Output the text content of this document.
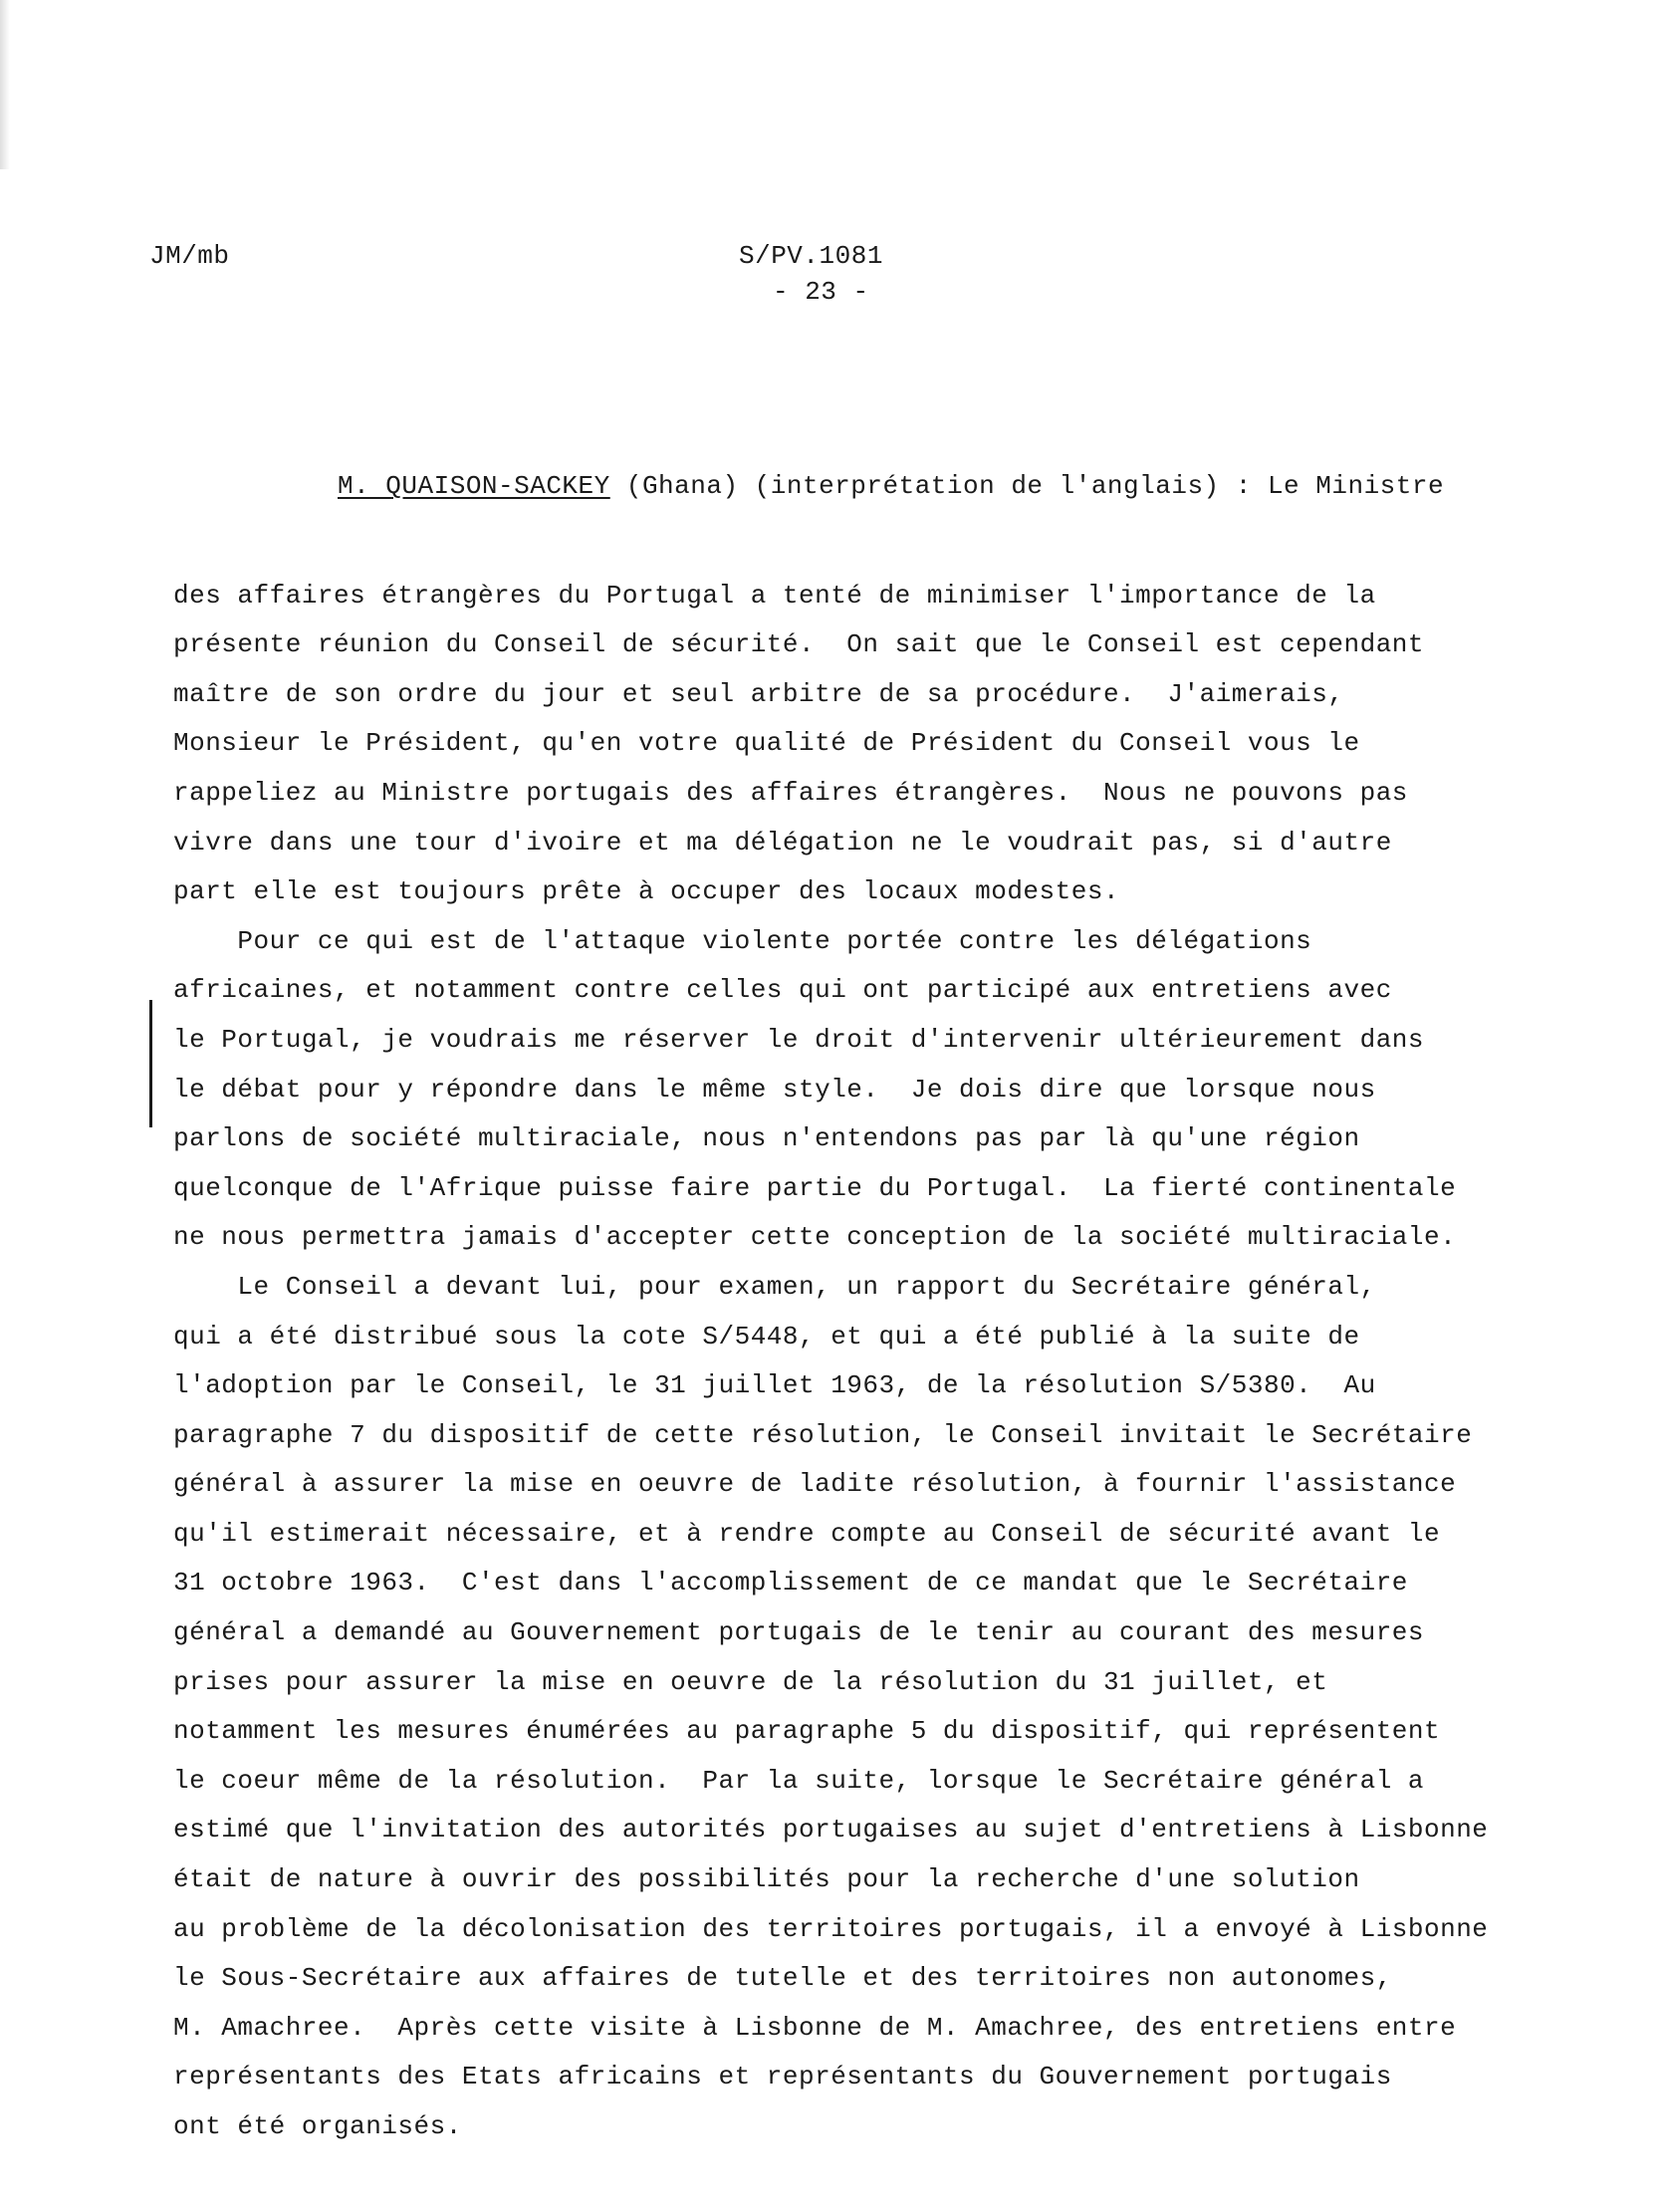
JM/mb	S/PV.1081
- 23 -

M. QUAISON-SACKEY (Ghana) (interprétation de l'anglais) : Le Ministre

des affaires étrangères du Portugal a tenté de minimiser l'importance de la
présente réunion du Conseil de sécurité.  On sait que le Conseil est cependant
maître de son ordre du jour et seul arbitre de sa procédure.  J'aimerais,
Monsieur le Président, qu'en votre qualité de Président du Conseil vous le
rappeliez au Ministre portugais des affaires étrangères.  Nous ne pouvons pas
vivre dans une tour d'ivoire et ma délégation ne le voudrait pas, si d'autre
part elle est toujours prête à occuper des locaux modestes.
Pour ce qui est de l'attaque violente portée contre les délégations
africaines, et notamment contre celles qui ont participé aux entretiens avec
le Portugal, je voudrais me réserver le droit d'intervenir ultérieurement dans
le débat pour y répondre dans le même style.  Je dois dire que lorsque nous
parlons de société multiraciale, nous n'entendons pas par là qu'une région
quelconque de l'Afrique puisse faire partie du Portugal.  La fierté continentale
ne nous permettra jamais d'accepter cette conception de la société multiraciale.
Le Conseil a devant lui, pour examen, un rapport du Secrétaire général,
qui a été distribué sous la cote S/5448, et qui a été publié à la suite de
l'adoption par le Conseil, le 31 juillet 1963, de la résolution S/5380.  Au
paragraphe 7 du dispositif de cette résolution, le Conseil invitait le Secrétaire
général à assurer la mise en oeuvre de ladite résolution, à fournir l'assistance
qu'il estimerait nécessaire, et à rendre compte au Conseil de sécurité avant le
31 octobre 1963.  C'est dans l'accomplissement de ce mandat que le Secrétaire
général a demandé au Gouvernement portugais de le tenir au courant des mesures
prises pour assurer la mise en oeuvre de la résolution du 31 juillet, et
notamment les mesures énumérées au paragraphe 5 du dispositif, qui représentent
le coeur même de la résolution.  Par la suite, lorsque le Secrétaire général a
estimé que l'invitation des autorités portugaises au sujet d'entretiens à Lisbonne
était de nature à ouvrir des possibilités pour la recherche d'une solution
au problème de la décolonisation des territoires portugais, il a envoyé à Lisbonne
le Sous-Secrétaire aux affaires de tutelle et des territoires non autonomes,
M. Amachree.  Après cette visite à Lisbonne de M. Amachree, des entretiens entre
représentants des Etats africains et représentants du Gouvernement portugais
ont été organisés.
